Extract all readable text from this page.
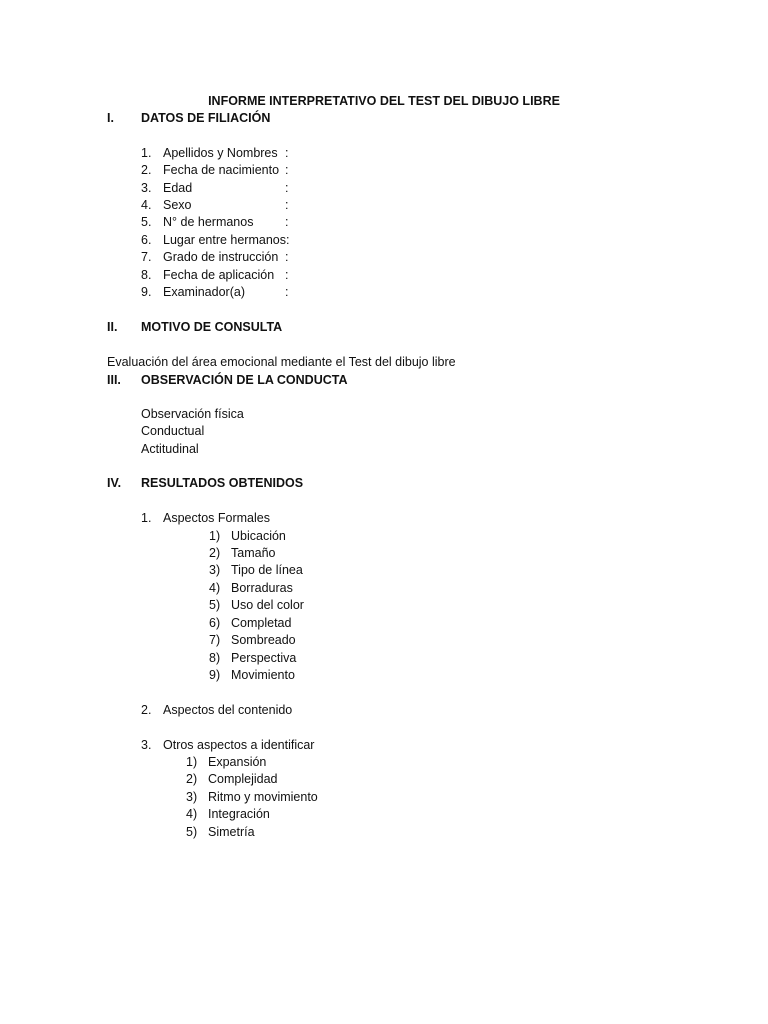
INFORME INTERPRETATIVO DEL TEST DEL DIBUJO LIBRE
I. DATOS DE FILIACIÓN
1. Apellidos y Nombres :
2. Fecha de nacimiento :
3. Edad	:
4. Sexo	:
5. N° de hermanos	:
6. Lugar entre hermanos:
7. Grado de instrucción :
8. Fecha de aplicación :
9. Examinador(a)	:
II. MOTIVO DE CONSULTA
Evaluación del área emocional mediante el Test del dibujo libre
III. OBSERVACIÓN DE LA CONDUCTA
Observación física
Conductual
Actitudinal
IV. RESULTADOS OBTENIDOS
1. Aspectos Formales
1) Ubicación
2) Tamaño
3) Tipo de línea
4) Borraduras
5) Uso del color
6) Completad
7) Sombreado
8) Perspectiva
9) Movimiento
2. Aspectos del contenido
3. Otros aspectos a identificar
1) Expansión
2) Complejidad
3) Ritmo y movimiento
4) Integración
5) Simetría
